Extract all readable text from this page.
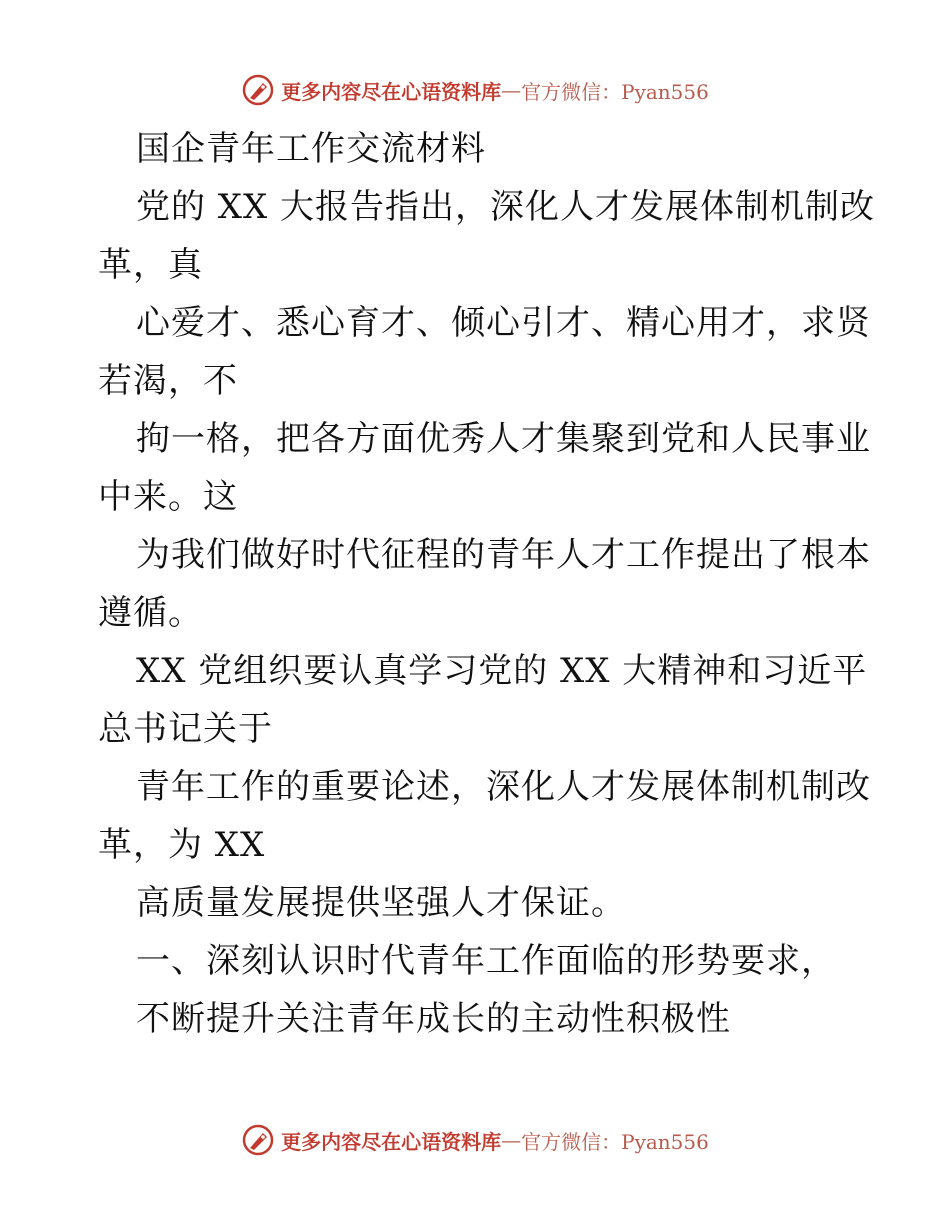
更多内容尽在心语资料库 — 官方微信：Pyan556
国企青年工作交流材料
党的 XX 大报告指出，深化人才发展体制机制改
革，真
心爱才、悉心育才、倾心引才、精心用才，求贤
若渴，不
拘一格，把各方面优秀人才集聚到党和人民事业
中来。这
为我们做好时代征程的青年人才工作提出了根本
遵循。
XX 党组织要认真学习党的 XX 大精神和习近平
总书记关于
青年工作的重要论述，深化人才发展体制机制改
革，为 XX
高质量发展提供坚强人才保证。
一、深刻认识时代青年工作面临的形势要求，
不断提升关注青年成长的主动性积极性
更多内容尽在心语资料库 — 官方微信：Pyan556
